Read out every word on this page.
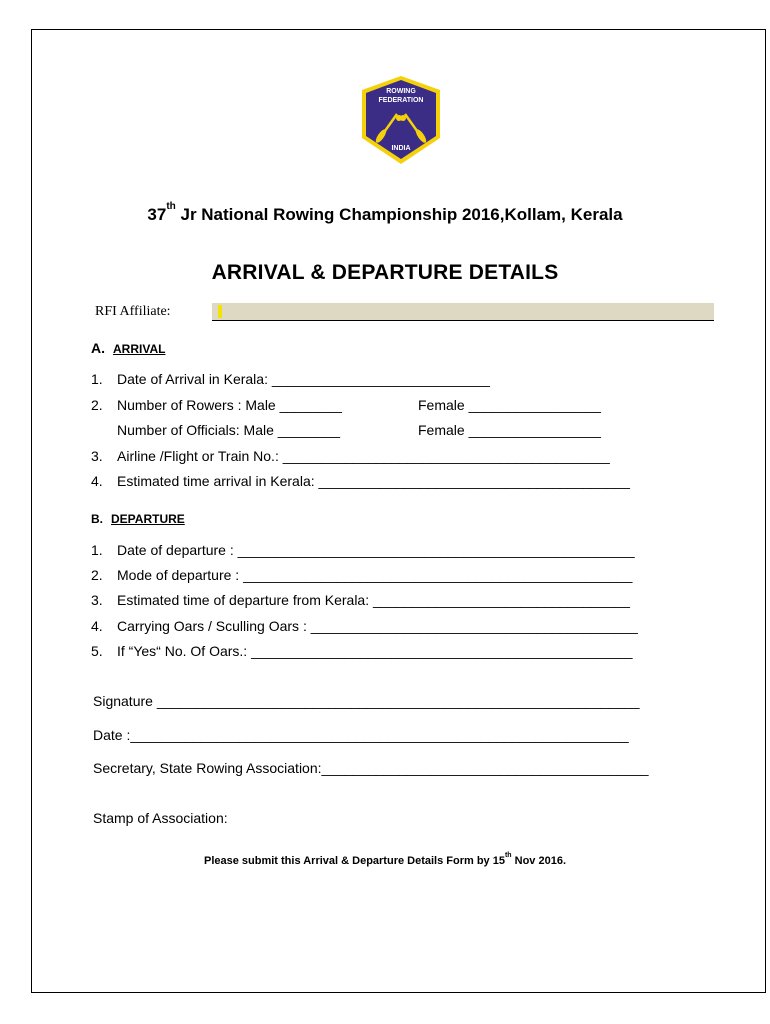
ROWING
FEDERATION
INDIA
37th Jr National Rowing Championship 2016,Kollam, Kerala
ARRIVAL & DEPARTURE DETAILS
RFI Affiliate:
A. ARRIVAL
1. Date of Arrival in Kerala: ____________________________
2. Number of Rowers : Male ________	Female _________________
Number of Officials: Male ________	Female _________________
3. Airline /Flight or Train No.: __________________________________________
4. Estimated time arrival in Kerala: ________________________________________
B. DEPARTURE
1. Date of departure : ___________________________________________________
2. Mode of departure : __________________________________________________
3. Estimated time of departure from Kerala: _________________________________
4. Carrying Oars / Sculling Oars : __________________________________________
5. If “Yes“ No. Of Oars.: _________________________________________________
Signature ______________________________________________________________
Date :________________________________________________________________
Secretary, State Rowing Association:__________________________________________
Stamp of Association:
Please submit this Arrival & Departure Details Form by 15th Nov 2016.
